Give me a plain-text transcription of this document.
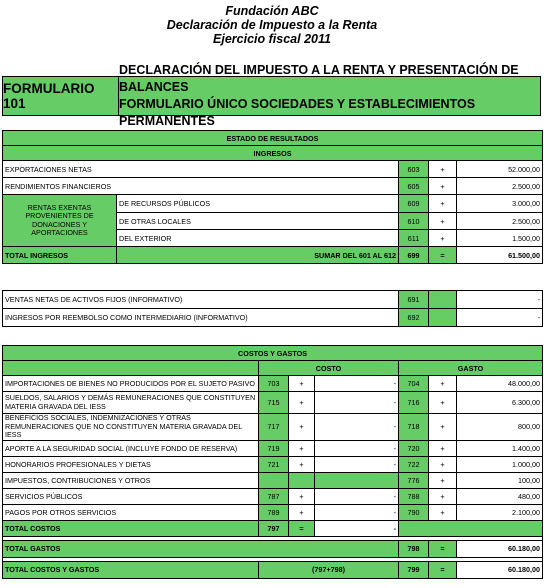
Fundación ABC
Declaración de Impuesto a la Renta
Ejercicio fiscal 2011
FORMULARIO 101
DECLARACIÓN DEL IMPUESTO A LA RENTA Y PRESENTACIÓN DE BALANCES
FORMULARIO ÚNICO SOCIEDADES Y ESTABLECIMIENTOS PERMANENTES
ESTADO DE RESULTADOS				
INGRESOS				
EXPORTACIONES NETAS		603	+	52.000,00
RENDIMIENTOS FINANCIEROS		605	+	2.500,00
RENTAS EXENTAS PROVENIENTES DE DONACIONES Y APORTACIONES	DE RECURSOS PÚBLICOS	609	+	3.000,00
	DE OTRAS LOCALES	610	+	2.500,00
	DEL EXTERIOR	611	+	1.500,00
TOTAL INGRESOS	SUMAR DEL 601 AL 612	699	=	61.500,00
VENTAS NETAS DE ACTIVOS FIJOS (INFORMATIVO)	691		-
INGRESOS POR REEMBOLSO COMO INTERMEDIARIO (INFORMATIVO)	692		-
COSTOS Y GASTOS						
	COSTO			GASTO		
IMPORTACIONES DE BIENES NO PRODUCIDOS POR EL SUJETO PASIVO	703	+	-	704	+	48.000,00
SUELDOS, SALARIOS Y DEMÁS REMUNERACIONES QUE CONSTITUYEN MATERIA GRAVADA DEL IESS	715	+	-	716	+	6.300,00
BENEFICIOS SOCIALES, INDEMNIZACIONES Y OTRAS REMUNERACIONES QUE NO CONSTITUYEN MATERIA GRAVADA DEL IESS	717	+	-	718	+	800,00
APORTE A LA SEGURIDAD SOCIAL (INCLUYE FONDO DE RESERVA)	719	+	-	720	+	1.400,00
HONORARIOS PROFESIONALES Y DIETAS	721	+	-	722	+	1.000,00
IMPUESTOS, CONTRIBUCIONES Y OTROS				776	+	100,00
SERVICIOS PÚBLICOS	787	+	-	788	+	480,00
PAGOS POR OTROS SERVICIOS	789	+	-	790	+	2.100,00
TOTAL COSTOS	797	=	-			

TOTAL GASTOS				798	=	60.180,00

TOTAL COSTOS Y GASTOS	(797+798)			799	=	60.180,00
